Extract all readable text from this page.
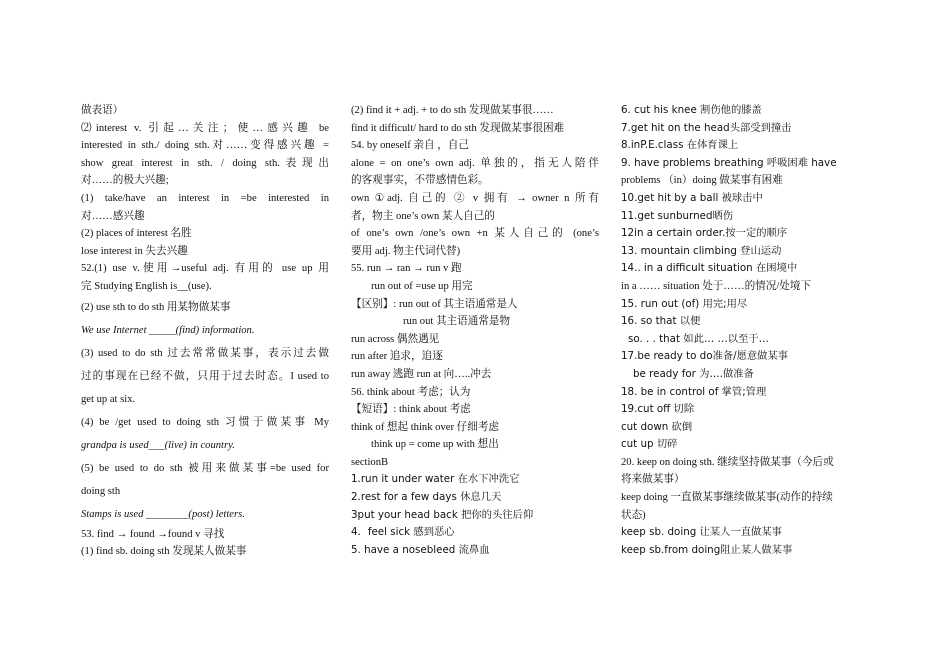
做表语）
⑵interest v. 引起…关注；使…感兴趣 be
interested in sth./ doing sth.对……变得感兴趣 =
show great interest in sth. / doing sth.表现出
对……的极大兴趣;
(1) take/have an interest in =be interested in
对……感兴趣
(2) places of interest 名胜
lose interest in 失去兴趣
52.(1) use v.使用→useful adj. 有用的 use up 用
完 Studying English is__(use).
(2) use sth to do sth 用某物做某事
We use Internet _____(find) information.
(3) used to do sth 过去常常做某事，表示过去做
过的事现在已经不做，只用于过去时态。I used to
get up at six.
(4) be /get used to doing sth 习惯于做某事 My
grandpa is used___(live) in country.
(5) be used to do sth 被用来做某事=be used for
doing sth
Stamps is used ________(post) letters.
53. find → found →found v 寻找
(1) find sb. doing sth 发现某人做某事
(2) find it + adj. + to do sth 发现做某事很……
find it difficult/ hard to do sth 发现做某事很困难
54. by oneself 亲自 ，自己
alone = on one’s own adj. 单独的，指无人陪伴
的客观事实，不带感情色彩。
own ①adj. 自己的 ② v 拥有 → owner n 所有
者，物主 one’s own 某人自己的
of one’s own /one’s own +n 某人自己的 (one’s
要用 adj. 物主代词代替)
55. run → ran → run v 跑
run out of =use up 用完
【区别】: run out of 其主语通常是人
run out 其主语通常是物
run across 偶然遇见
run after 追求，追逐
run away 逃跑 run at 向…..冲去
56. think about 考虑；认为
【短语】: think about 考虑
think of 想起 think over 仔细考虑
think up = come up with 想出
sectionB
1.run it under water 在水下冲洗它
2.rest for a few days 休息几天
3put your head back 把你的头往后仰
4．feel sick 感到恶心
5. have a nosebleed 流鼻血
6. cut his knee 割伤他的膝盖
7.get hit on the head头部受到撞击
8.inP.E.class 在体育课上
9. have problems breathing 呼吸困难 have
problems （in）doing 做某事有困难
10.get hit by a ball 被球击中
11.get sunburned晒伤
12in a certain order.按一定的顺序
13. mountain climbing 登山运动
14.. in a difficult situation 在困境中
in a …… situation 处于……的情况/处境下
15. run out (of) 用完;用尽
16. so that 以便
so. . . that 如此… …以至于…
17.be ready to do准备/愿意做某事
be ready for 为….做准备
18. be in control of 掌管;管理
19.cut off 切除
cut down 砍倒
cut up 切碎
20. keep on doing sth. 继续坚持做某事（今后或
将来做某事）
keep doing 一直做某事继续做某事(动作的持续
状态)
keep sb. doing 让某人一直做某事
keep sb.from doing阻止某人做某事
